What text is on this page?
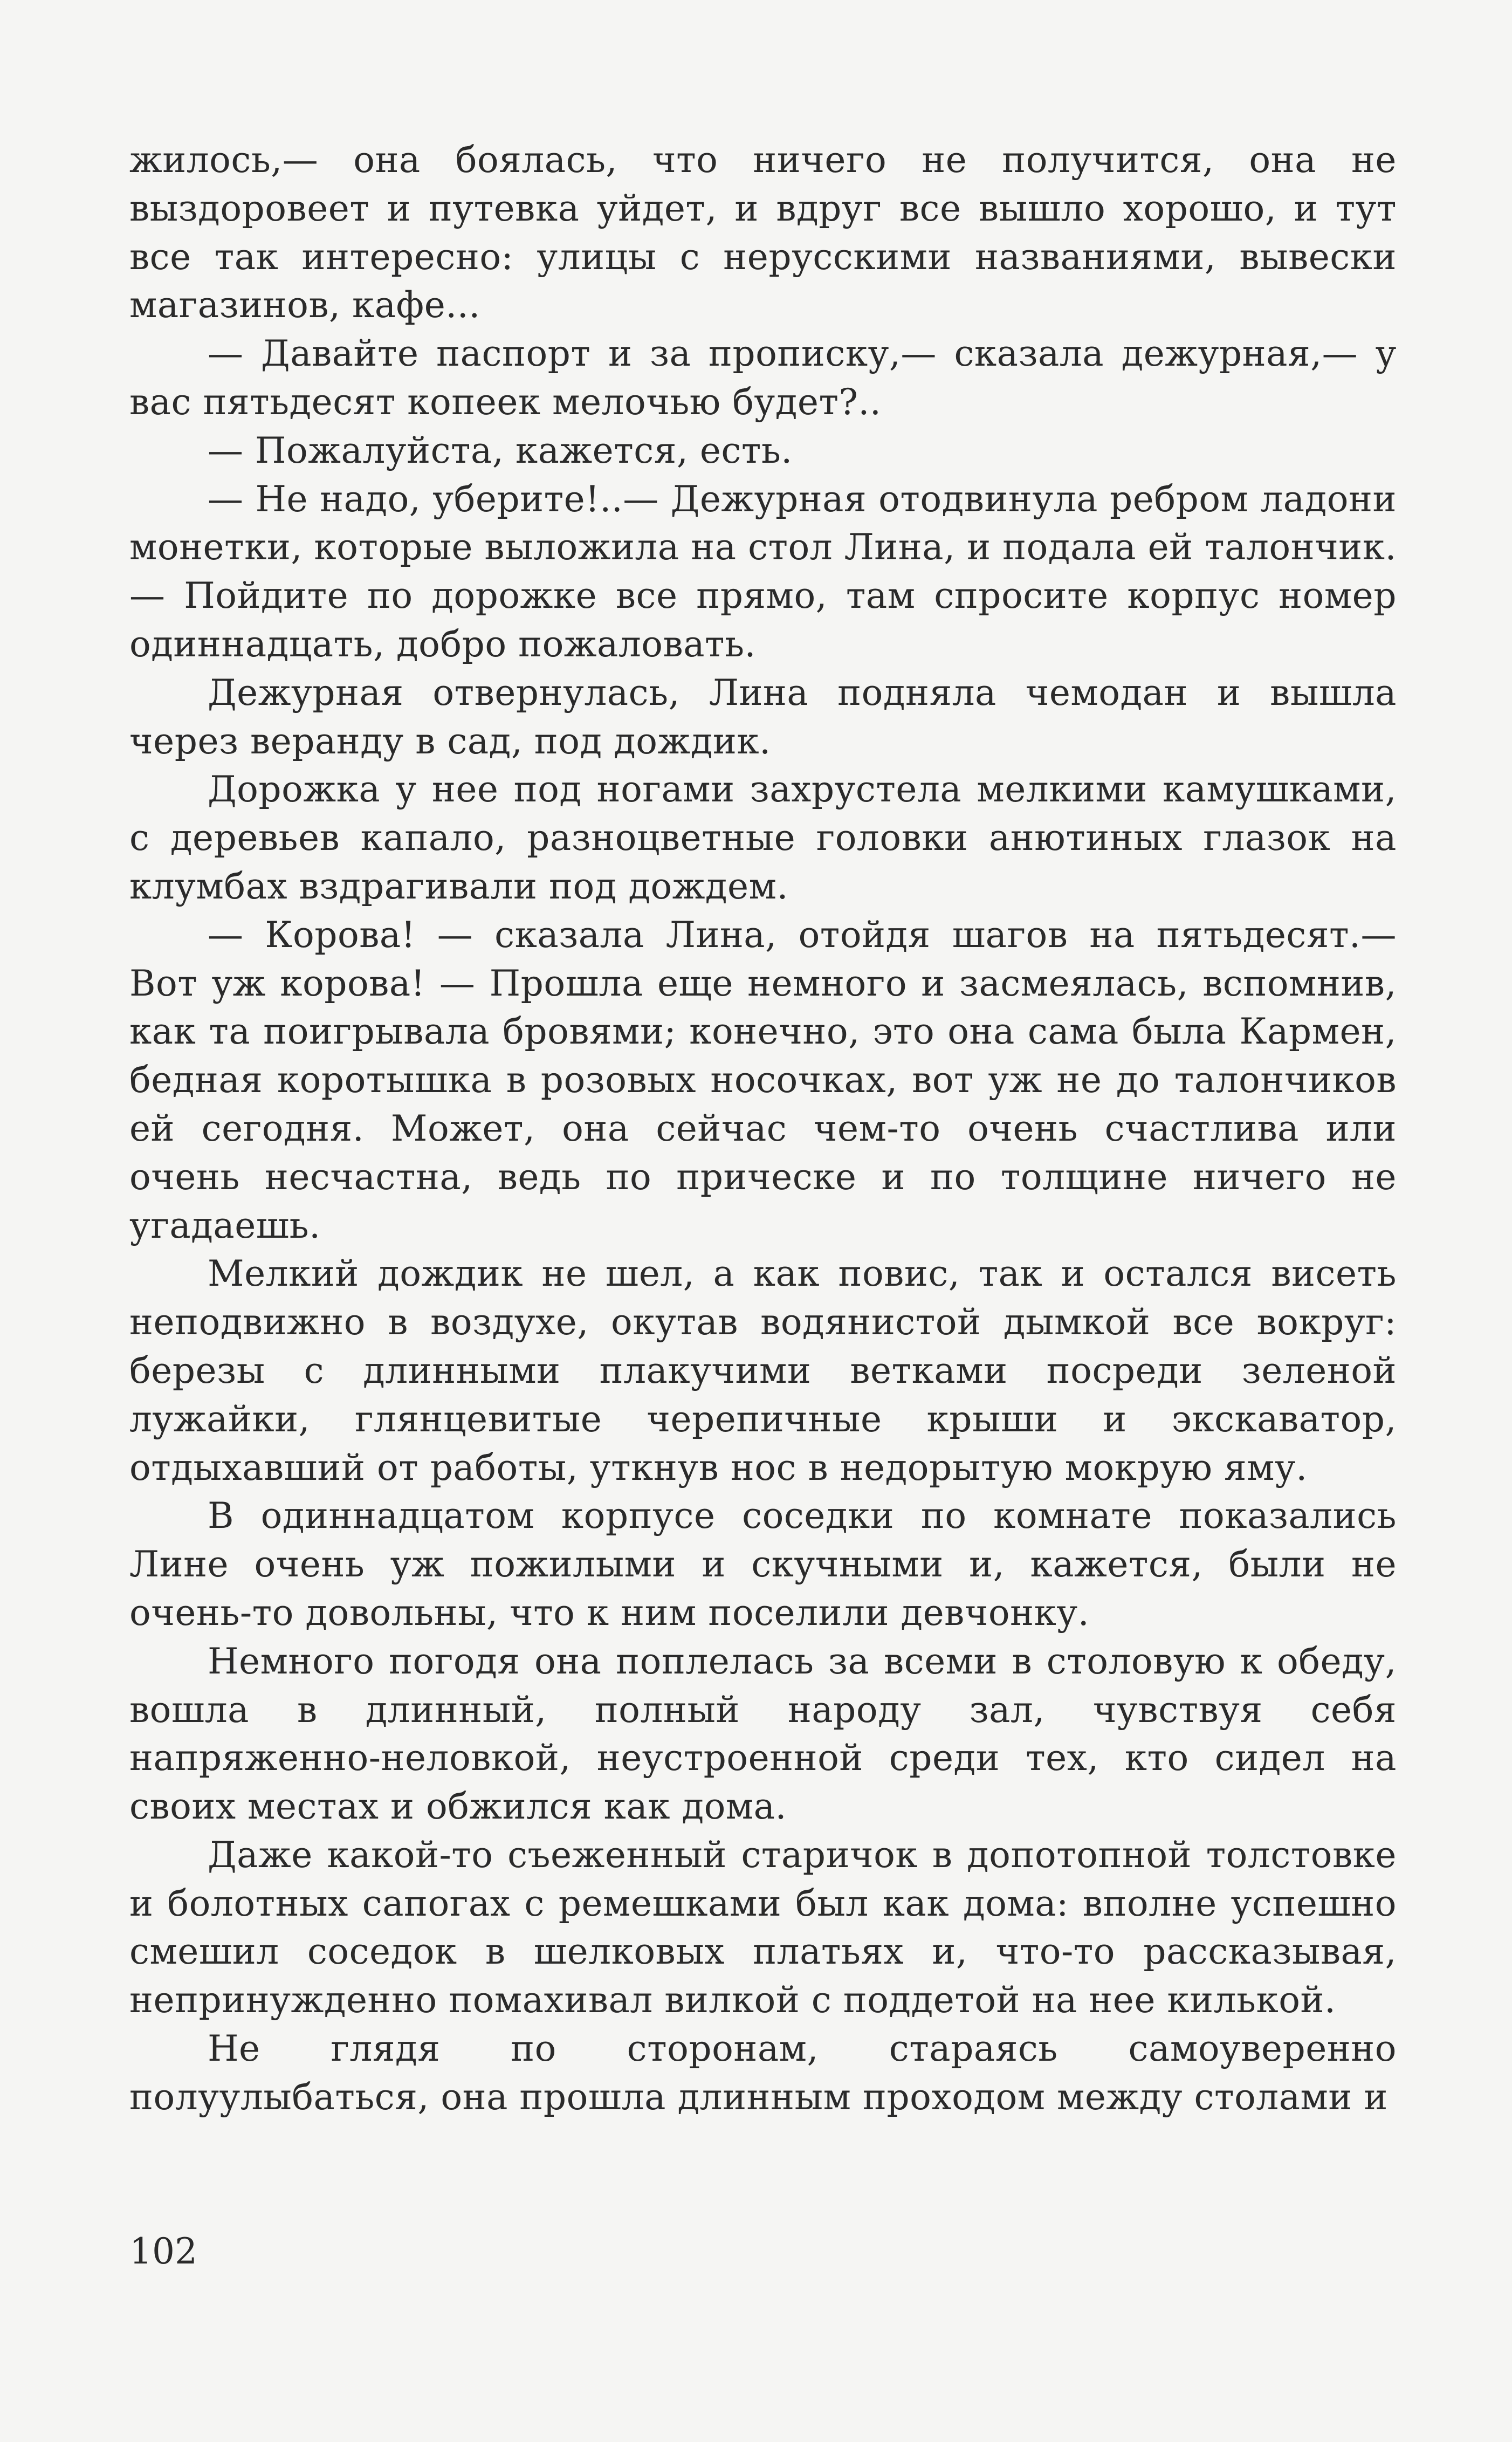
жилось,— она боялась, что ничего не получится, она не выздоровеет и путевка уйдет, и вдруг все вышло хорошо, и тут все так интересно: улицы с нерусскими названиями, вывески магазинов, кафе...

— Давайте паспорт и за прописку,— сказала дежурная,— у вас пятьдесят копеек мелочью будет?..

— Пожалуйста, кажется, есть.

— Не надо, уберите!..— Дежурная отодвинула ребром ладони монетки, которые выложила на стол Лина, и подала ей талончик.— Пойдите по дорожке все прямо, там спросите корпус номер одиннадцать, добро пожаловать.

Дежурная отвернулась, Лина подняла чемодан и вышла через веранду в сад, под дождик.

Дорожка у нее под ногами захрустела мелкими камушками, с деревьев капало, разноцветные головки анютиных глазок на клумбах вздрагивали под дождем.

— Корова! — сказала Лина, отойдя шагов на пятьдесят.— Вот уж корова! — Прошла еще немного и засмеялась, вспомнив, как та поигрывала бровями; конечно, это она сама была Кармен, бедная коротышка в розовых носочках, вот уж не до талончиков ей сегодня. Может, она сейчас чем-то очень счастлива или очень несчастна, ведь по прическе и по толщине ничего не угадаешь.

Мелкий дождик не шел, а как повис, так и остался висеть неподвижно в воздухе, окутав водянистой дымкой все вокруг: березы с длинными плакучими ветками посреди зеленой лужайки, глянцевитые черепичные крыши и экскаватор, отдыхавший от работы, уткнув нос в недорытую мокрую яму.

В одиннадцатом корпусе соседки по комнате показались Лине очень уж пожилыми и скучными и, кажется, были не очень-то довольны, что к ним поселили девчонку.

Немного погодя она поплелась за всеми в столовую к обеду, вошла в длинный, полный народу зал, чувствуя себя напряженно-неловкой, неустроенной среди тех, кто сидел на своих местах и обжился как дома.

Даже какой-то съеженный старичок в допотопной толстовке и болотных сапогах с ремешками был как дома: вполне успешно смешил соседок в шелковых платьях и, что-то рассказывая, непринужденно помахивал вилкой с поддетой на нее килькой.

Не глядя по сторонам, стараясь самоуверенно полуулыбаться, она прошла длинным проходом между столами и

102
